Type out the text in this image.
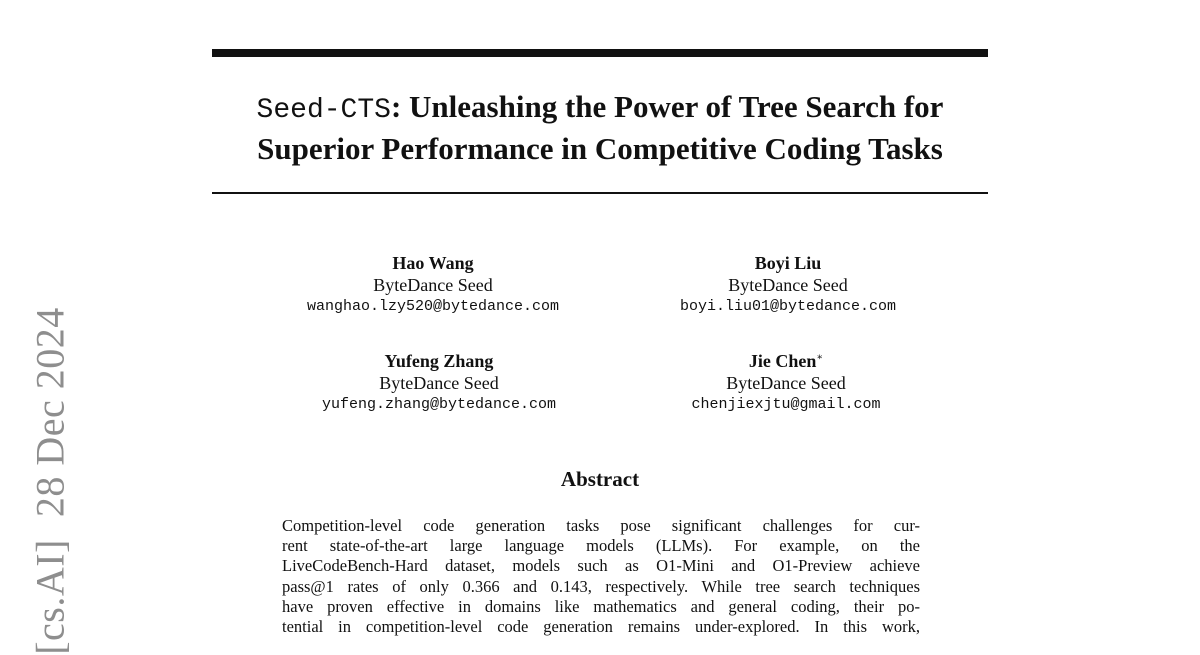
Seed-CTS: Unleashing the Power of Tree Search for
Superior Performance in Competitive Coding Tasks
Hao Wang
ByteDance Seed
wanghao.lzy520@bytedance.com
Boyi Liu
ByteDance Seed
boyi.liu01@bytedance.com
Yufeng Zhang
ByteDance Seed
yufeng.zhang@bytedance.com
Jie Chen∗
ByteDance Seed
chenjiexjtu@gmail.com
Abstract
Competition-level code generation tasks pose significant challenges for cur-
rent state-of-the-art large language models (LLMs). For example, on the
LiveCodeBench-Hard dataset, models such as O1-Mini and O1-Preview achieve
pass@1 rates of only 0.366 and 0.143, respectively. While tree search techniques
have proven effective in domains like mathematics and general coding, their po-
tential in competition-level code generation remains under-explored. In this work,
[cs.AI]28 Dec 2024
